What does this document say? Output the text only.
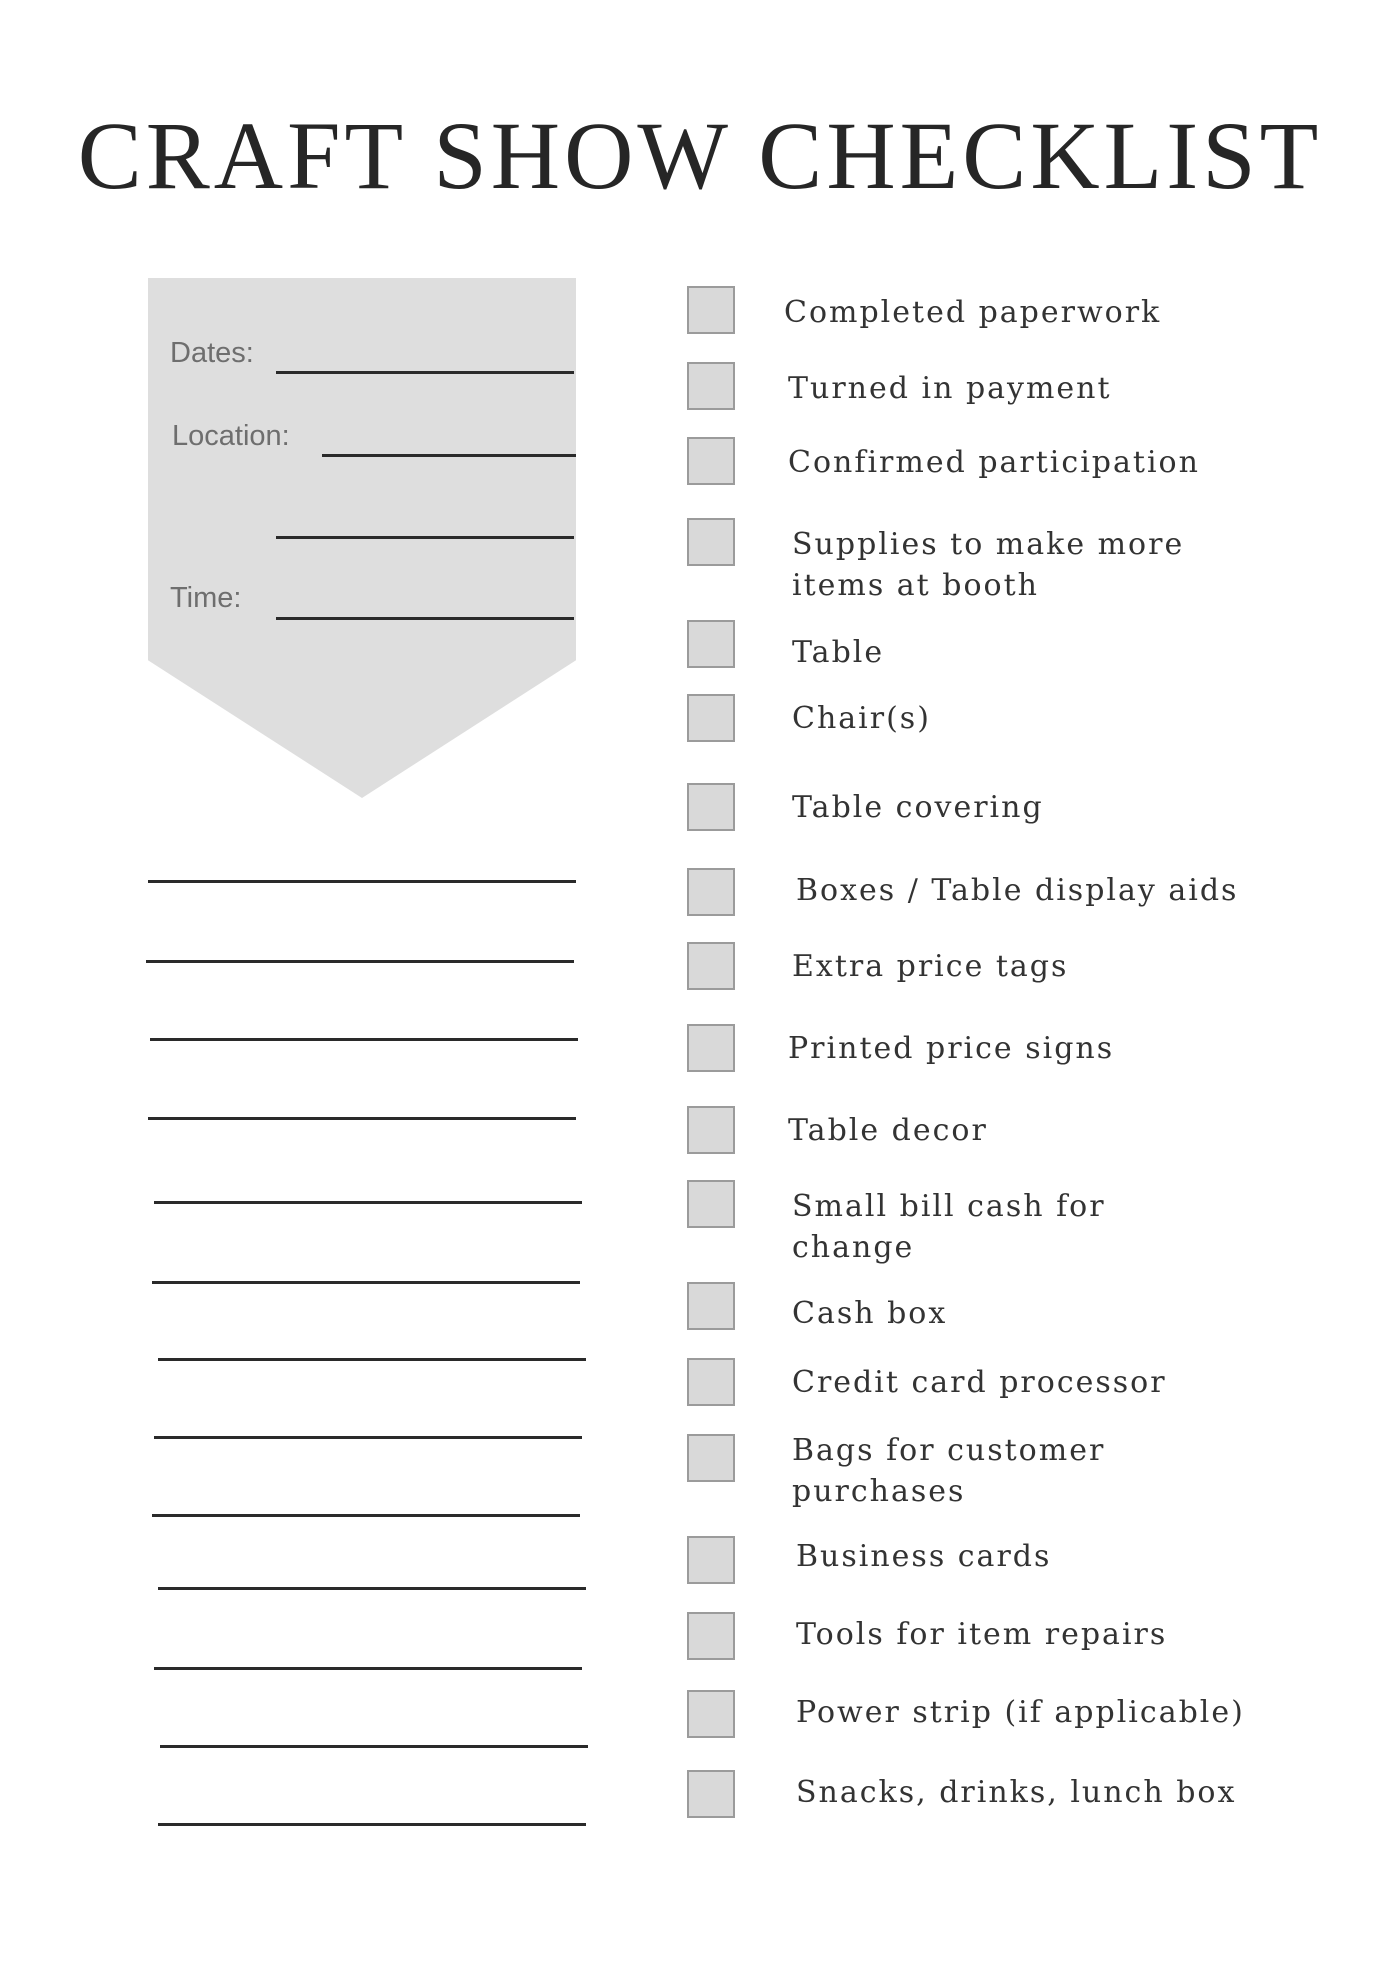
CRAFT SHOW CHECKLIST
Dates:
Location:
Time:
Completed paperwork
Turned in payment
Confirmed participation
Supplies to make more
items at booth
Table
Chair(s)
Table covering
Boxes / Table display aids
Extra price tags
Printed price signs
Table decor
Small bill cash for
change
Cash box
Credit card processor
Bags for customer
purchases
Business cards
Tools for item repairs
Power strip (if applicable)
Snacks, drinks, lunch box
